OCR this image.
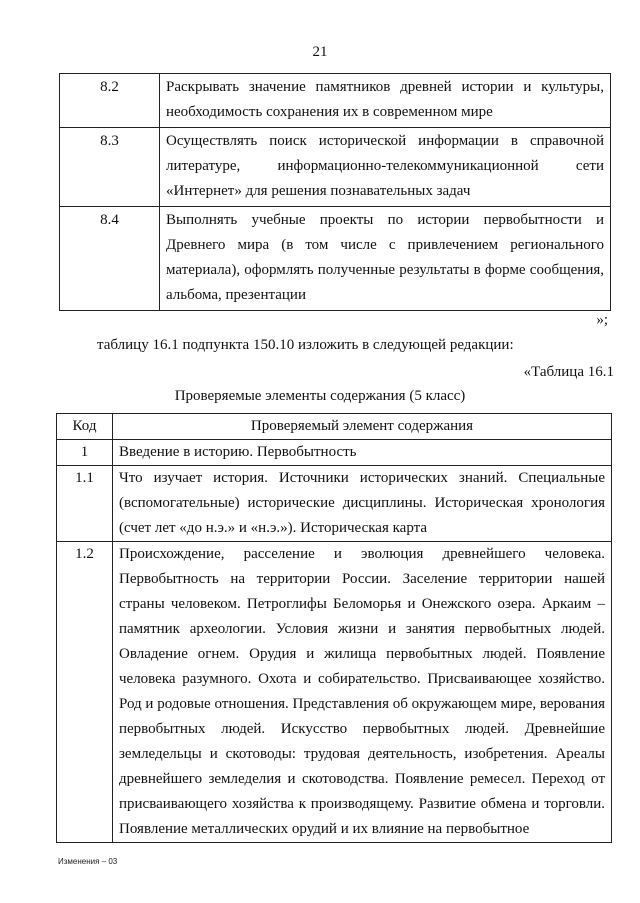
21
8.2	Раскрывать значение памятников древней истории и культуры, необходимость сохранения их в современном мире
8.3	Осуществлять поиск исторической информации в справочной литературе, информационно-телекоммуникационной сети «Интернет» для решения познавательных задач
8.4	Выполнять учебные проекты по истории первобытности и Древнего мира (в том числе с привлечением регионального материала), оформлять полученные результаты в форме сообщения, альбома, презентации
»;
таблицу 16.1 подпункта 150.10 изложить в следующей редакции:
«Таблица 16.1
Проверяемые элементы содержания (5 класс)
Код	Проверяемый элемент содержания
1	Введение в историю. Первобытность
1.1	Что изучает история. Источники исторических знаний. Специальные (вспомогательные) исторические дисциплины. Историческая хронология (счет лет «до н.э.» и «н.э.»). Историческая карта
1.2	Происхождение, расселение и эволюция древнейшего человека. Первобытность на территории России. Заселение территории нашей страны человеком. Петроглифы Беломорья и Онежского озера. Аркаим – памятник археологии. Условия жизни и занятия первобытных людей. Овладение огнем. Орудия и жилища первобытных людей. Появление человека разумного. Охота и собирательство. Присваивающее хозяйство. Род и родовые отношения. Представления об окружающем мире, верования первобытных людей. Искусство первобытных людей. Древнейшие земледельцы и скотоводы: трудовая деятельность, изобретения. Ареалы древнейшего земледелия и скотоводства. Появление ремесел. Переход от присваивающего хозяйства к производящему. Развитие обмена и торговли. Появление металлических орудий и их влияние на первобытное
Изменения – 03
